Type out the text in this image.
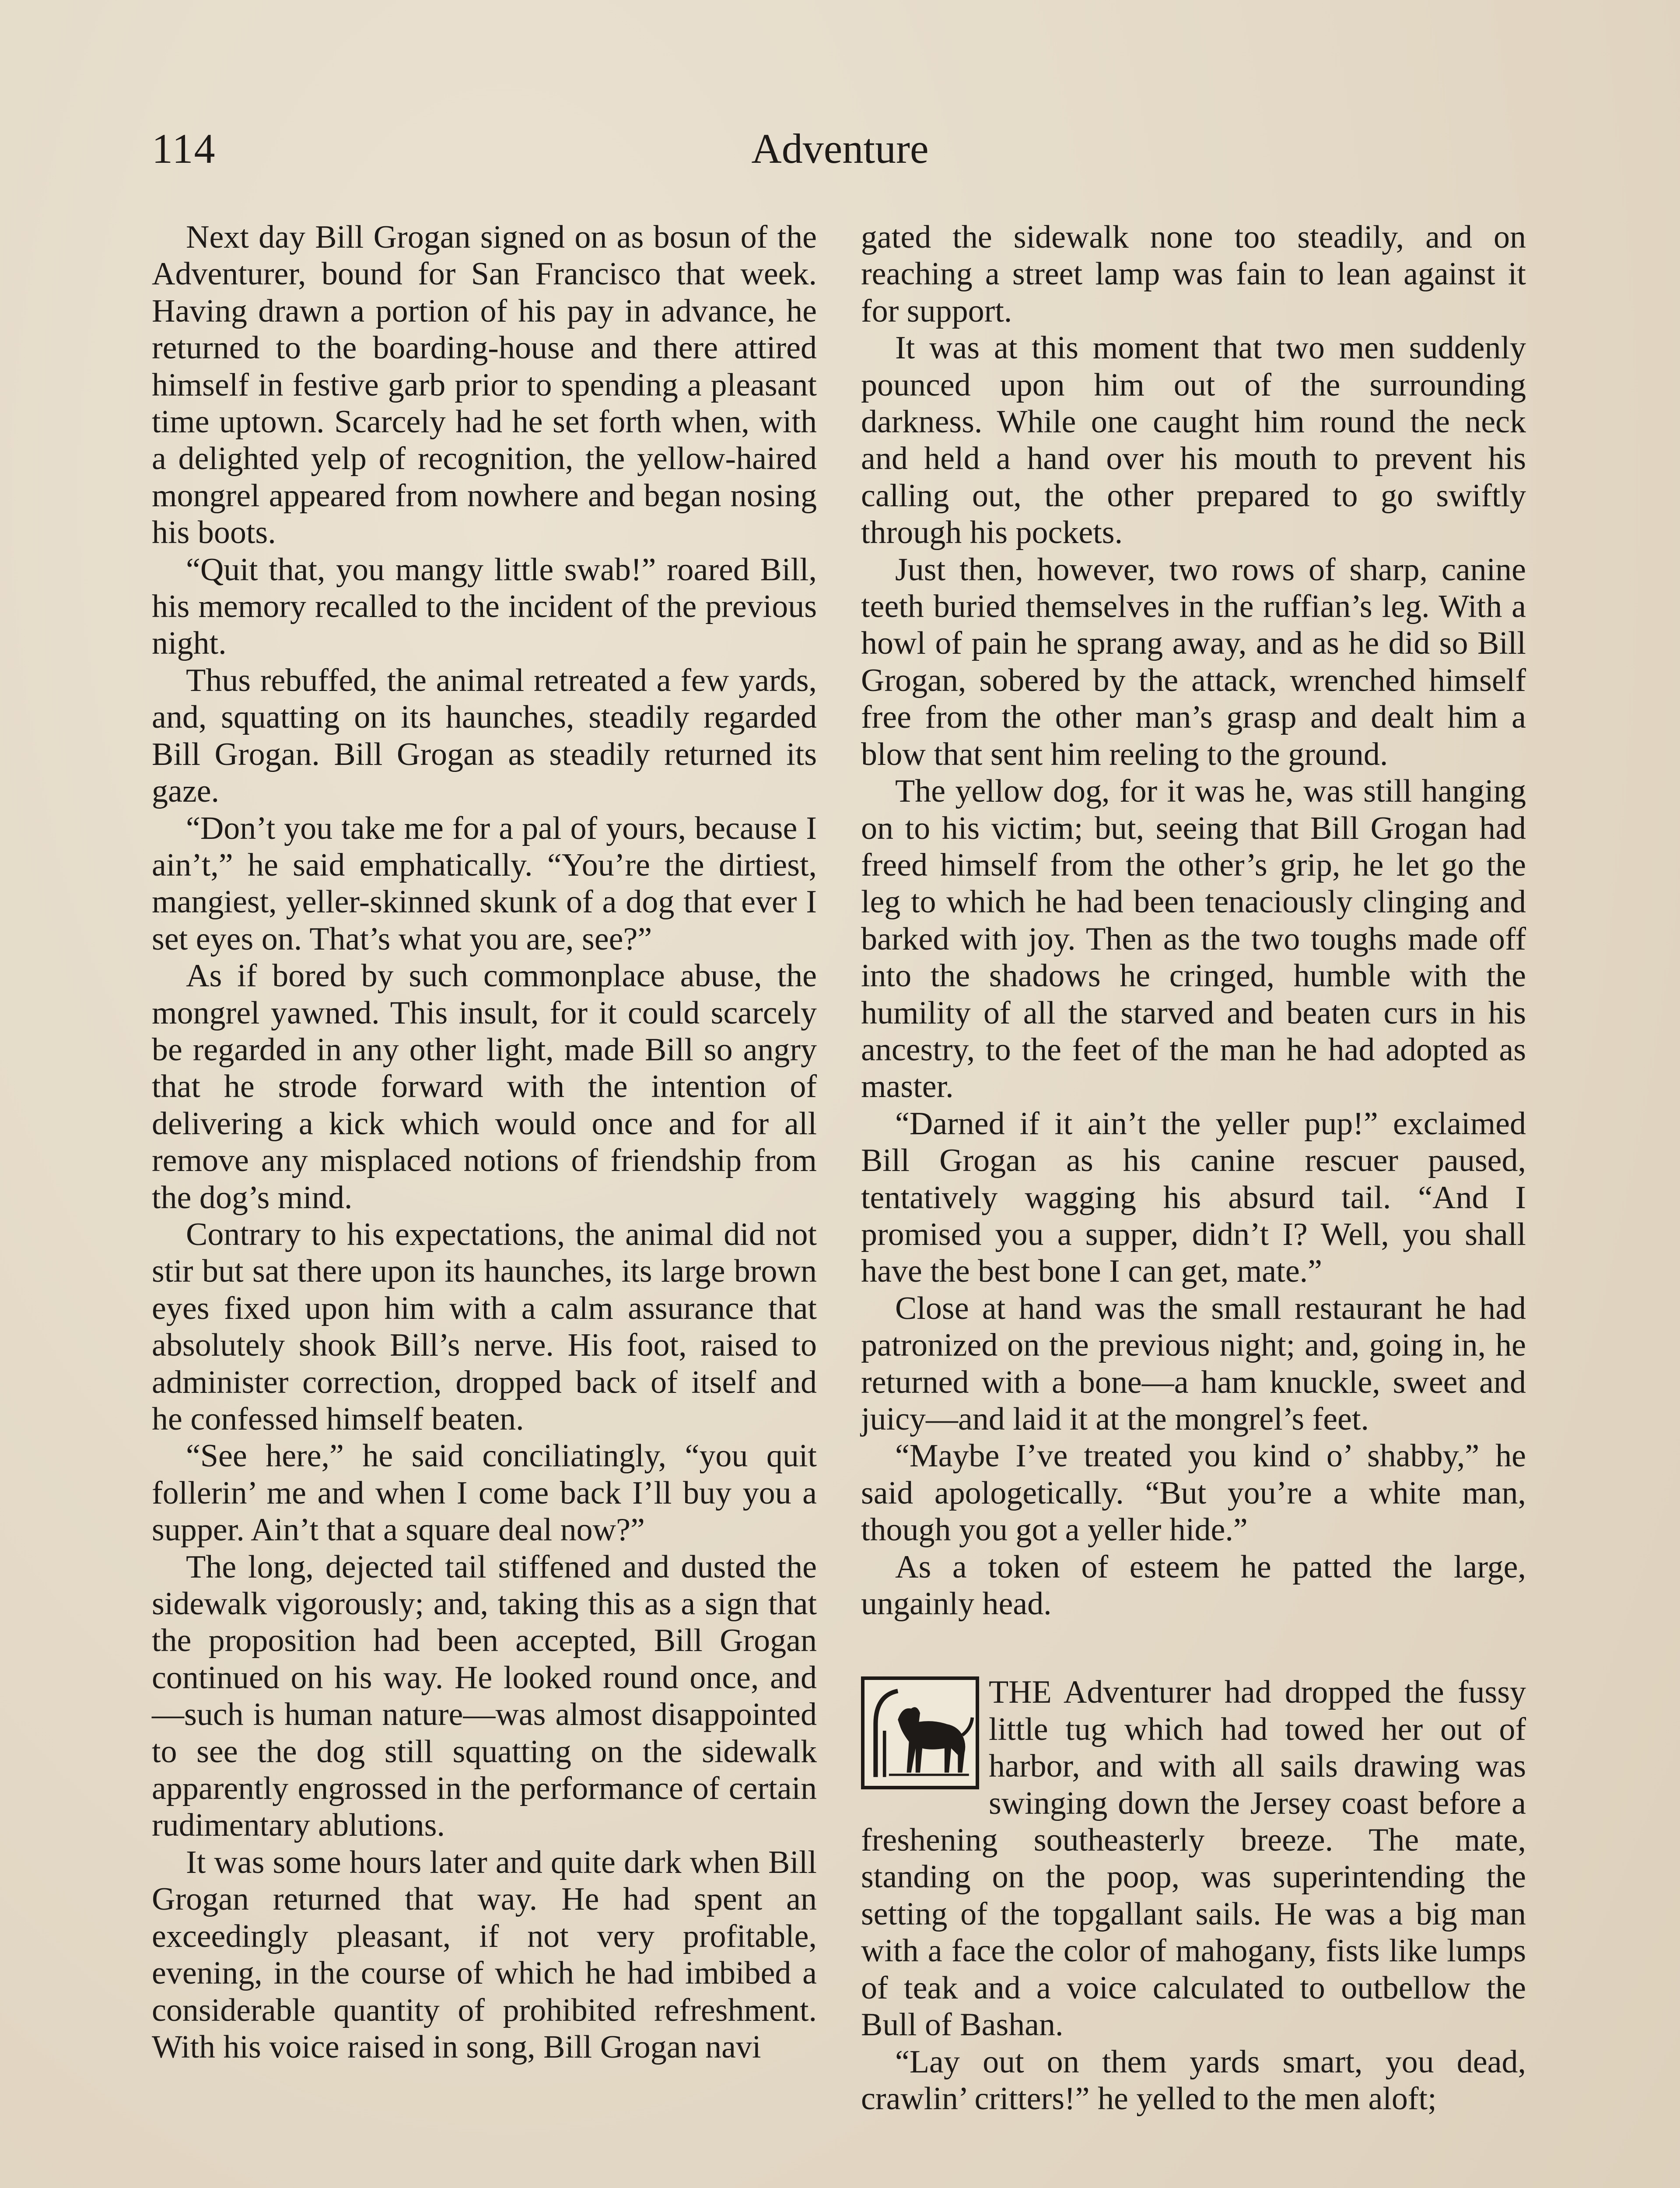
114	Adventure

Next day Bill Grogan signed on as bosun of the Adventurer, bound for San Francisco that week. Having drawn a portion of his pay in advance, he returned to the boarding-house and there attired himself in festive garb prior to spending a pleasant time uptown. Scarcely had he set forth when, with a delighted yelp of recognition, the yellow-haired mongrel appeared from nowhere and began nosing his boots.

“Quit that, you mangy little swab!” roared Bill, his memory recalled to the incident of the previous night.

Thus rebuffed, the animal retreated a few yards, and, squatting on its haunches, steadily regarded Bill Grogan. Bill Grogan as steadily returned its gaze.

“Don’t you take me for a pal of yours, because I ain’t,” he said emphatically. “You’re the dirtiest, mangiest, yeller-skinned skunk of a dog that ever I set eyes on. That’s what you are, see?”

As if bored by such commonplace abuse, the mongrel yawned. This insult, for it could scarcely be regarded in any other light, made Bill so angry that he strode forward with the intention of delivering a kick which would once and for all remove any misplaced notions of friendship from the dog’s mind.

Contrary to his expectations, the animal did not stir but sat there upon its haunches, its large brown eyes fixed upon him with a calm assurance that absolutely shook Bill’s nerve. His foot, raised to administer correction, dropped back of itself and he confessed himself beaten.

“See here,” he said conciliatingly, “you quit follerin’ me and when I come back I’ll buy you a supper. Ain’t that a square deal now?”

The long, dejected tail stiffened and dusted the sidewalk vigorously; and, taking this as a sign that the proposition had been accepted, Bill Grogan continued on his way. He looked round once, and—such is human nature—was almost disappointed to see the dog still squatting on the sidewalk apparently engrossed in the performance of certain rudimentary ablutions.

It was some hours later and quite dark when Bill Grogan returned that way. He had spent an exceedingly pleasant, if not very profitable, evening, in the course of which he had imbibed a considerable quantity of prohibited refreshment. With his voice raised in song, Bill Grogan navi

gated the sidewalk none too steadily, and on reaching a street lamp was fain to lean against it for support.

It was at this moment that two men suddenly pounced upon him out of the surrounding darkness. While one caught him round the neck and held a hand over his mouth to prevent his calling out, the other prepared to go swiftly through his pockets.

Just then, however, two rows of sharp, canine teeth buried themselves in the ruffian’s leg. With a howl of pain he sprang away, and as he did so Bill Grogan, sobered by the attack, wrenched himself free from the other man’s grasp and dealt him a blow that sent him reeling to the ground.

The yellow dog, for it was he, was still hanging on to his victim; but, seeing that Bill Grogan had freed himself from the other’s grip, he let go the leg to which he had been tenaciously clinging and barked with joy. Then as the two toughs made off into the shadows he cringed, humble with the humility of all the starved and beaten curs in his ancestry, to the feet of the man he had adopted as master.

“Darned if it ain’t the yeller pup!” exclaimed Bill Grogan as his canine rescuer paused, tentatively wagging his absurd tail. “And I promised you a supper, didn’t I? Well, you shall have the best bone I can get, mate.”

Close at hand was the small restaurant he had patronized on the previous night; and, going in, he returned with a bone—a ham knuckle, sweet and juicy—and laid it at the mongrel’s feet.

“Maybe I’ve treated you kind o’ shabby,” he said apologetically. “But you’re a white man, though you got a yeller hide.”

As a token of esteem he patted the large, ungainly head.

THE Adventurer had dropped the fussy little tug which had towed her out of harbor, and with all sails drawing was swinging down the Jersey coast before a freshening southeasterly breeze. The mate, standing on the poop, was superintending the setting of the topgallant sails. He was a big man with a face the color of mahogany, fists like lumps of teak and a voice calculated to outbellow the Bull of Bashan.

“Lay out on them yards smart, you dead, crawlin’ critters!” he yelled to the men aloft;
